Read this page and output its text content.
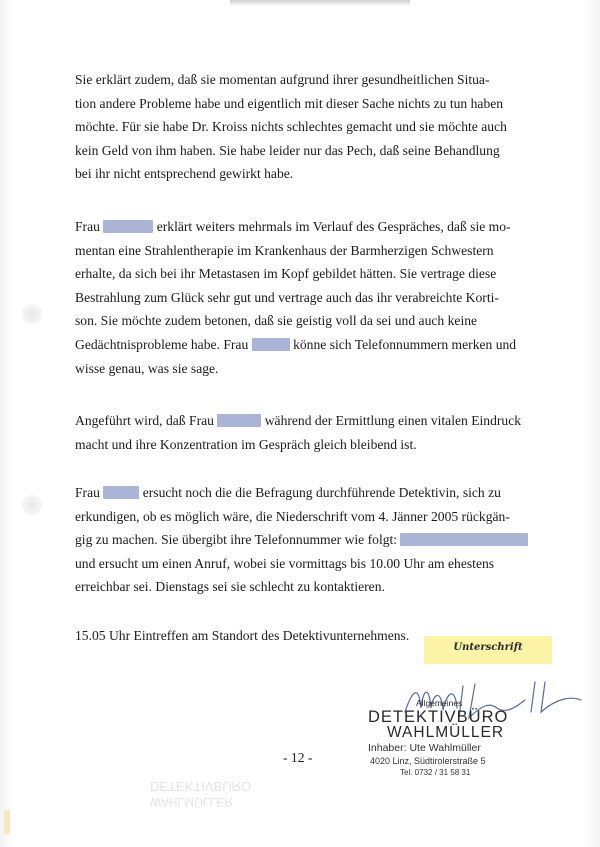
Sie erklärt zudem, daß sie momentan aufgrund ihrer gesundheitlichen Situa-
tion andere Probleme habe und eigentlich mit dieser Sache nichts zu tun haben
möchte. Für sie habe Dr. Kroiss nichts schlechtes gemacht und sie möchte auch
kein Geld von ihm haben. Sie habe leider nur das Pech, daß seine Behandlung
bei ihr nicht entsprechend gewirkt habe.
Frau	erklärt weiters mehrmals im Verlauf des Gespräches, daß sie mo-
mentan eine Strahlentherapie im Krankenhaus der Barmherzigen Schwestern
erhalte, da sich bei ihr Metastasen im Kopf gebildet hätten. Sie vertrage diese
Bestrahlung zum Glück sehr gut und vertrage auch das ihr verabreichte Korti-
son. Sie möchte zudem betonen, daß sie geistig voll da sei und auch keine
Gedächtnisprobleme habe. Frau	könne sich Telefonnummern merken und
wisse genau, was sie sage.
Angeführt wird, daß Frau	während der Ermittlung einen vitalen Eindruck
macht und ihre Konzentration im Gespräch gleich bleibend ist.
Frau	ersucht noch die die Befragung durchführende Detektivin, sich zu
erkundigen, ob es möglich wäre, die Niederschrift vom 4. Jänner 2005 rückgän-
gig zu machen. Sie übergibt ihre Telefonnummer wie folgt:
und ersucht um einen Anruf, wobei sie vormittags bis 10.00 Uhr am ehestens
erreichbar sei. Dienstags sei sie schlecht zu kontaktieren.
15.05 Uhr Eintreffen am Standort des Detektivunternehmens.
Unterschrift
Allgemeines
DETEKTIVBÜRO
WAHLMÜLLER
Inhaber: Ute Wahlmüller
4020 Linz, Südtirolerstraße 5
Tel. 0732 / 31 58 31
- 12 -
DETEKTIVBÜRO
WAHLMÜLLER
